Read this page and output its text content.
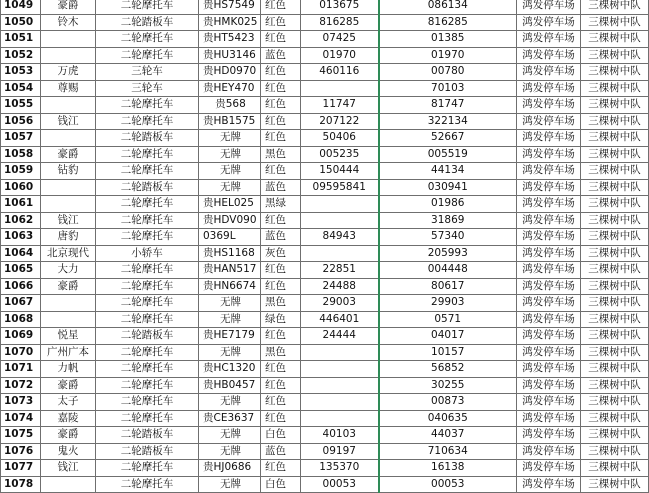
1049	豪爵	二轮摩托车	贵HS7549	红色	013675	086134	鸿发停车场	三棵树中队
1050	铃木	二轮踏板车	贵HMK025	红色	816285	816285	鸿发停车场	三棵树中队
1051		二轮摩托车	贵HT5423	红色	07425	01385	鸿发停车场	三棵树中队
1052		二轮摩托车	贵HU3146	蓝色	01970	01970	鸿发停车场	三棵树中队
1053	万虎	三轮车	贵HD0970	红色	460116	00780	鸿发停车场	三棵树中队
1054	尊赐	三轮车	贵HEY470	红色		70103	鸿发停车场	三棵树中队
1055		二轮摩托车	贵568	红色	11747	81747	鸿发停车场	三棵树中队
1056	钱江	二轮摩托车	贵HB1575	红色	207122	322134	鸿发停车场	三棵树中队
1057		二轮踏板车	无牌	红色	50406	52667	鸿发停车场	三棵树中队
1058	豪爵	二轮摩托车	无牌	黑色	005235	005519	鸿发停车场	三棵树中队
1059	钻豹	二轮摩托车	无牌	红色	150444	44134	鸿发停车场	三棵树中队
1060		二轮踏板车	无牌	蓝色	09595841	030941	鸿发停车场	三棵树中队
1061		二轮摩托车	贵HEL025	黑绿		01986	鸿发停车场	三棵树中队
1062	钱江	二轮摩托车	贵HDV090	红色		31869	鸿发停车场	三棵树中队
1063	唐豹	二轮摩托车	0369L	蓝色	84943	57340	鸿发停车场	三棵树中队
1064	北京现代	小轿车	贵HS1168	灰色		205993	鸿发停车场	三棵树中队
1065	大力	二轮摩托车	贵HAN517	红色	22851	004448	鸿发停车场	三棵树中队
1066	豪爵	二轮摩托车	贵HN6674	红色	24488	80617	鸿发停车场	三棵树中队
1067		二轮摩托车	无牌	黑色	29003	29903	鸿发停车场	三棵树中队
1068		二轮摩托车	无牌	绿色	446401	0571	鸿发停车场	三棵树中队
1069	悦星	二轮踏板车	贵HE7179	红色	24444	04017	鸿发停车场	三棵树中队
1070	广州广本	二轮摩托车	无牌	黑色		10157	鸿发停车场	三棵树中队
1071	力帆	二轮摩托车	贵HC1320	红色		56852	鸿发停车场	三棵树中队
1072	豪爵	二轮摩托车	贵HB0457	红色		30255	鸿发停车场	三棵树中队
1073	太子	二轮摩托车	无牌	红色		00873	鸿发停车场	三棵树中队
1074	嘉陵	二轮摩托车	贵CE3637	红色		040635	鸿发停车场	三棵树中队
1075	豪爵	二轮踏板车	无牌	白色	40103	44037	鸿发停车场	三棵树中队
1076	鬼火	二轮踏板车	无牌	蓝色	09197	710634	鸿发停车场	三棵树中队
1077	钱江	二轮摩托车	贵HJ0686	红色	135370	16138	鸿发停车场	三棵树中队
1078		二轮摩托车	无牌	白色	00053	00053	鸿发停车场	三棵树中队
